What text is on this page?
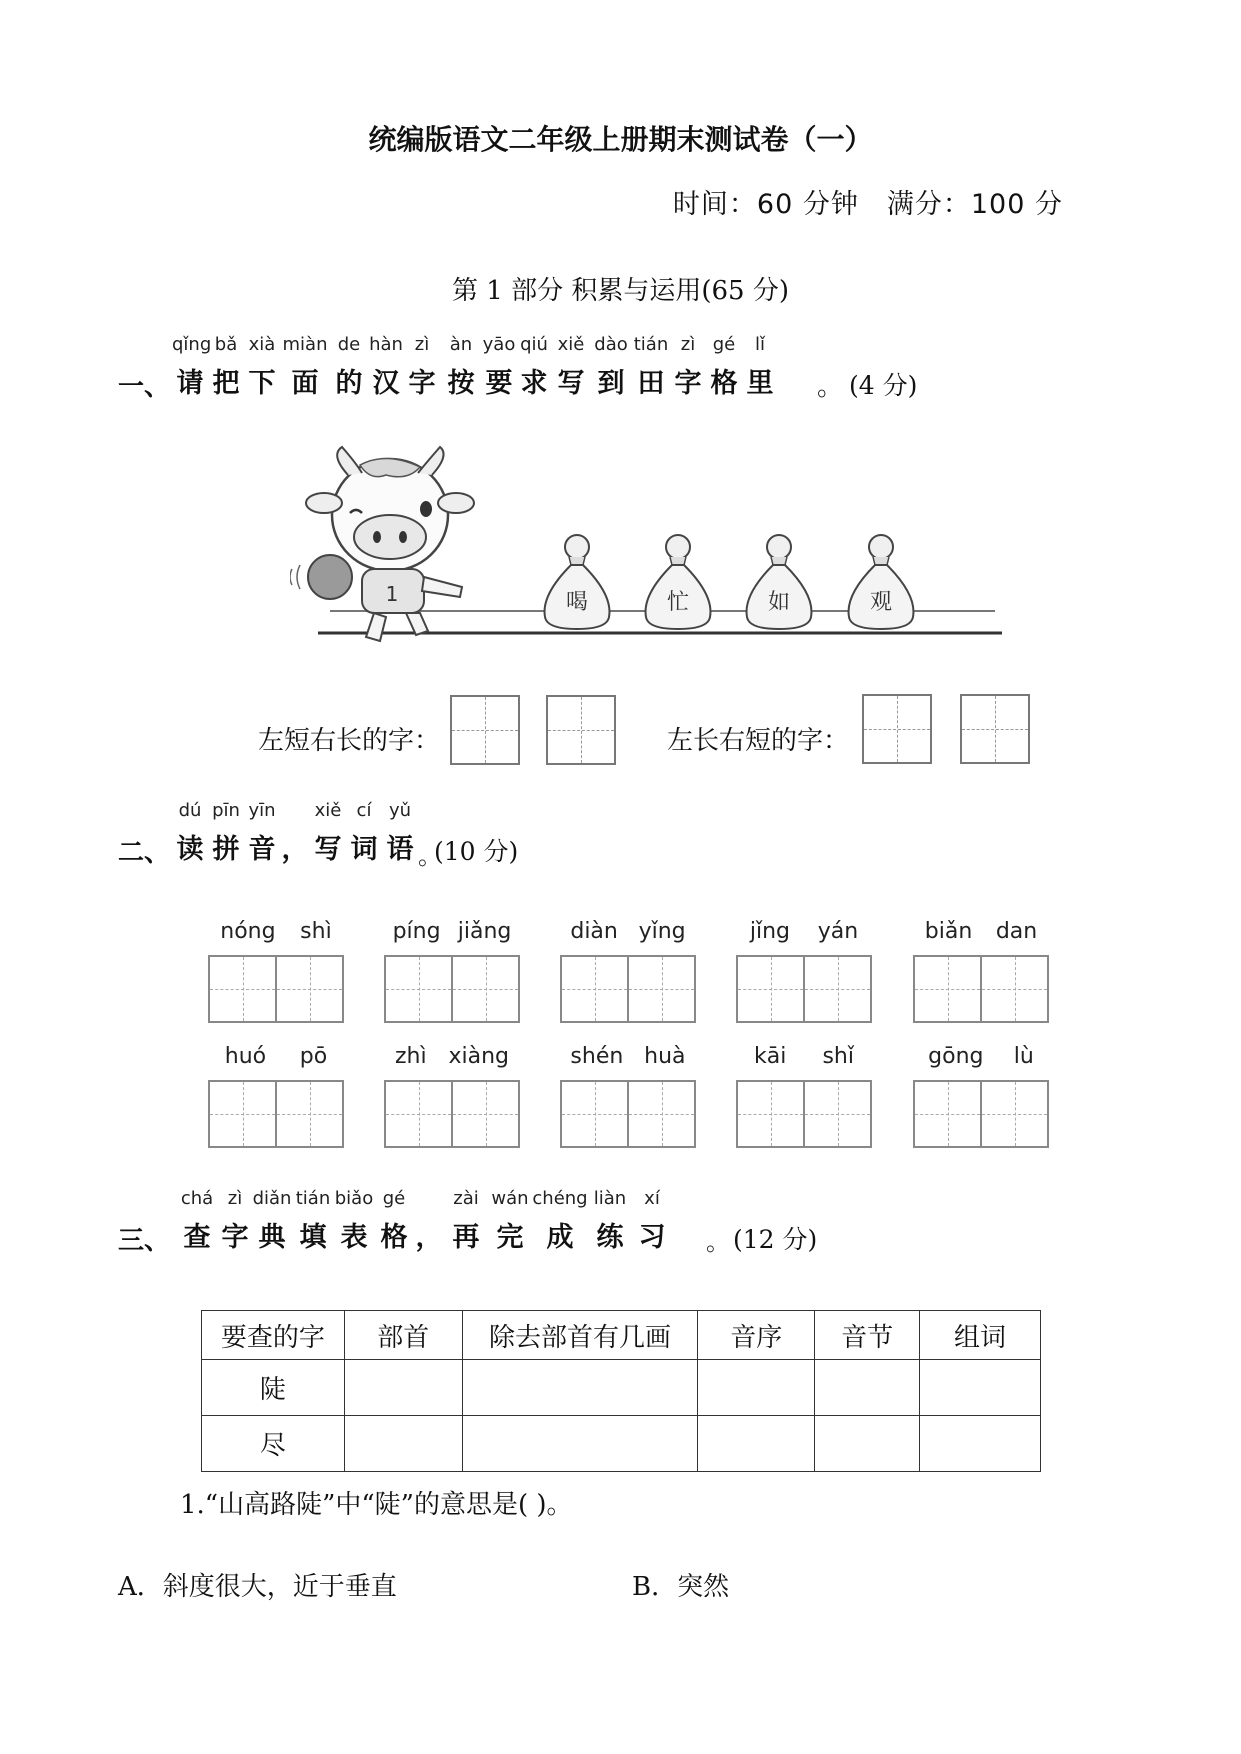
统编版语文二年级上册期末测试卷（一）
时间：60 分钟 满分：100 分
第 1 部分 积累与运用(65 分)
一、
qǐng bǎ xià miàn de hàn zì	àn yāo qiú xiě dào tián zì gé	lǐ
请 把 下 面 的 汉 字 按 要 求 写 到 田 字 格 里 。 (4 分)
1	喝	忙	如	观
左短右长的字：	左长右短的字：
二、
dú pīn yīn xiě cí yǔ
读 拼 音 ， 写 词 语 。
(10 分)
nóng shì	píng jiǎng	diàn yǐng	jǐng yán	biǎn dan
huó pō	zhì xiàng	shén huà	kāi shǐ	gōng lù
三、
chá zì diǎn tián biǎo gé	zài wán chéng liàn xí
查 字 典 填 表 格 ， 再 完 成 练 习 。 (12 分)
要查的字	部首	除去部首有几画	音序	音节	组词
陡					
尽					
1.“山高路陡”中“陡”的意思是( )。
A．斜度很大，近于垂直	B．突然
